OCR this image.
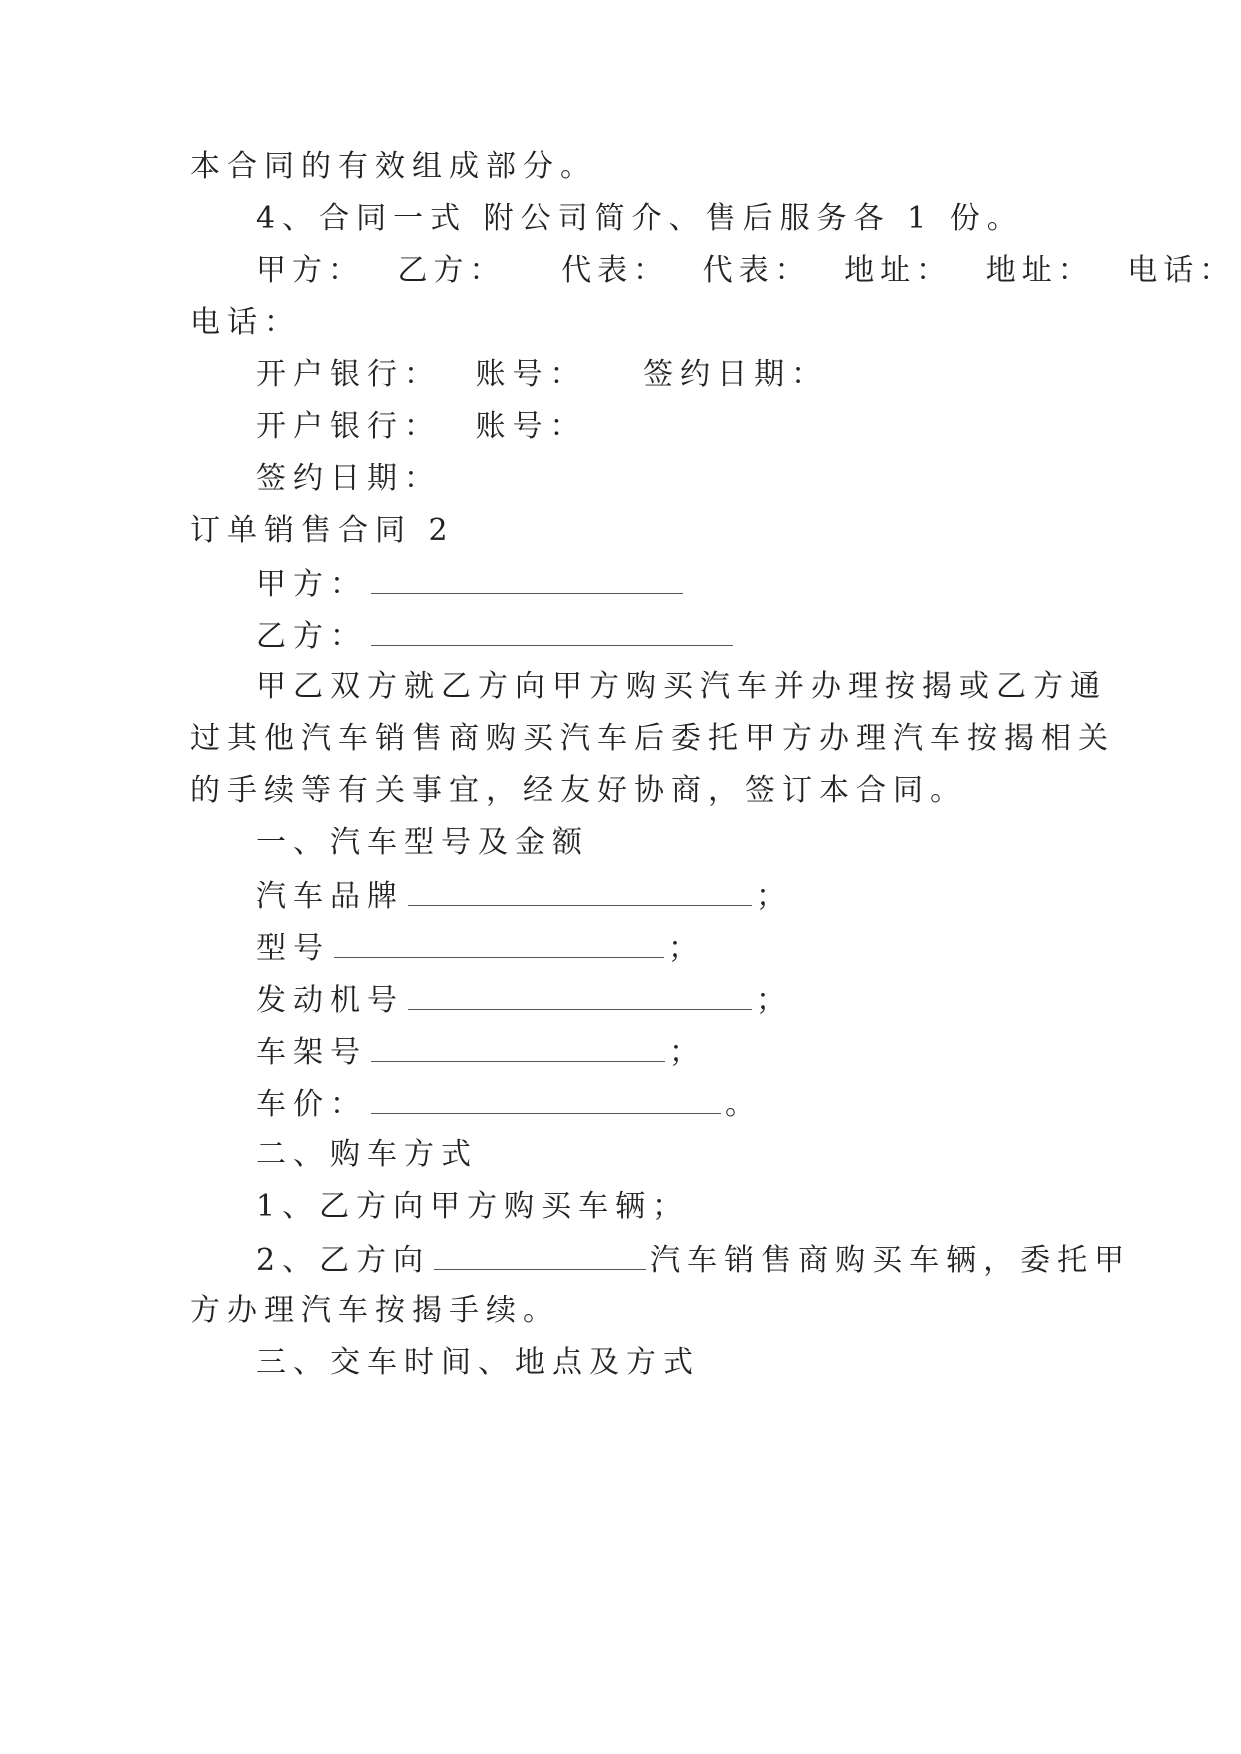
本合同的有效组成部分。
4、合同一式 附公司简介、售后服务各 1 份。
甲方： 乙方： 代表： 代表： 地址： 地址： 电话：
电话：
开户银行： 账号： 签约日期：
开户银行： 账号：
签约日期：
订单销售合同 2
甲方：
乙方：
甲乙双方就乙方向甲方购买汽车并办理按揭或乙方通
过其他汽车销售商购买汽车后委托甲方办理汽车按揭相关
的手续等有关事宜，经友好协商，签订本合同。
一、汽车型号及金额
汽车品牌	；
型号	；
发动机号	；
车架号	；
车价：	。
二、购车方式
1、乙方向甲方购买车辆；
2、乙方向	汽车销售商购买车辆，委托甲
方办理汽车按揭手续。
三、交车时间、地点及方式
